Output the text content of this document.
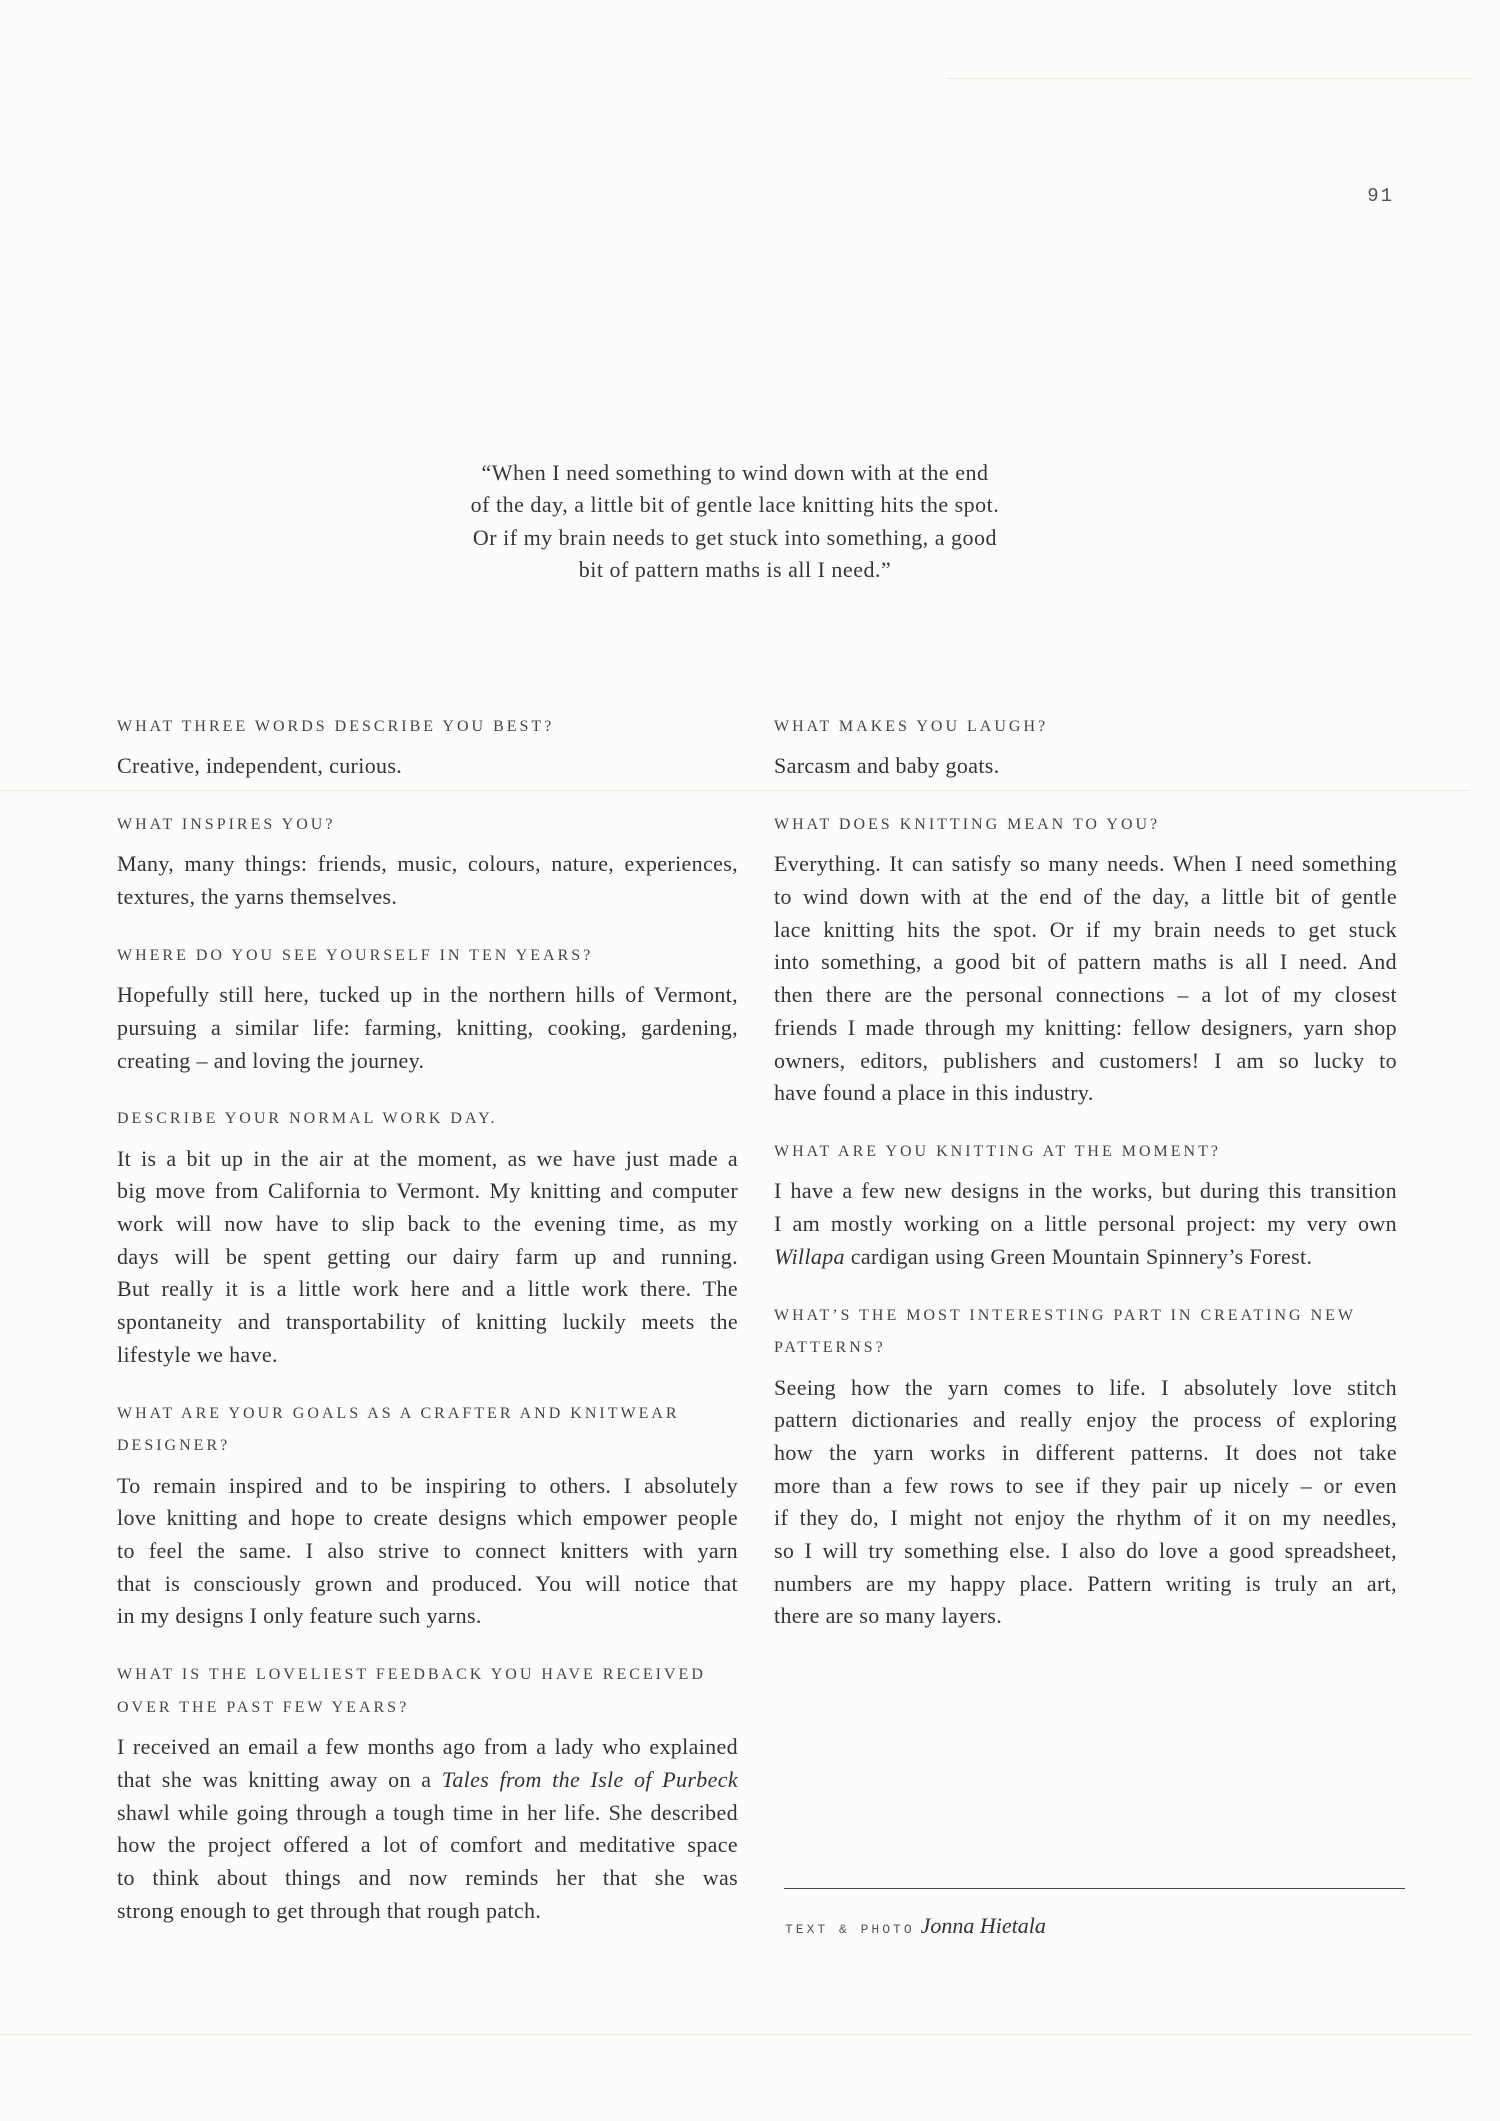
91
“When I need something to wind down with at the end
of the day, a little bit of gentle lace knitting hits the spot.
Or if my brain needs to get stuck into something, a good
bit of pattern maths is all I need.”
WHAT THREE WORDS DESCRIBE YOU BEST?
Creative, independent, curious.
WHAT INSPIRES YOU?
Many, many things: friends, music, colours, nature, experiences,
textures, the yarns themselves.
WHERE DO YOU SEE YOURSELF IN TEN YEARS?
Hopefully still here, tucked up in the northern hills of Vermont,
pursuing a similar life: farming, knitting, cooking, gardening,
creating – and loving the journey.
DESCRIBE YOUR NORMAL WORK DAY.
It is a bit up in the air at the moment, as we have just made a
big move from California to Vermont. My knitting and computer
work will now have to slip back to the evening time, as my
days will be spent getting our dairy farm up and running.
But really it is a little work here and a little work there. The
spontaneity and transportability of knitting luckily meets the
lifestyle we have.
WHAT ARE YOUR GOALS AS A CRAFTER AND KNITWEAR
DESIGNER?
To remain inspired and to be inspiring to others. I absolutely
love knitting and hope to create designs which empower people
to feel the same. I also strive to connect knitters with yarn
that is consciously grown and produced. You will notice that
in my designs I only feature such yarns.
WHAT IS THE LOVELIEST FEEDBACK YOU HAVE RECEIVED
OVER THE PAST FEW YEARS?
I received an email a few months ago from a lady who explained
that she was knitting away on a Tales from the Isle of Purbeck
shawl while going through a tough time in her life. She described
how the project offered a lot of comfort and meditative space
to think about things and now reminds her that she was
strong enough to get through that rough patch.
WHAT MAKES YOU LAUGH?
Sarcasm and baby goats.
WHAT DOES KNITTING MEAN TO YOU?
Everything. It can satisfy so many needs. When I need something
to wind down with at the end of the day, a little bit of gentle
lace knitting hits the spot. Or if my brain needs to get stuck
into something, a good bit of pattern maths is all I need. And
then there are the personal connections – a lot of my closest
friends I made through my knitting: fellow designers, yarn shop
owners, editors, publishers and customers! I am so lucky to
have found a place in this industry.
WHAT ARE YOU KNITTING AT THE MOMENT?
I have a few new designs in the works, but during this transition
I am mostly working on a little personal project: my very own
Willapa cardigan using Green Mountain Spinnery’s Forest.
WHAT’S THE MOST INTERESTING PART IN CREATING NEW
PATTERNS?
Seeing how the yarn comes to life. I absolutely love stitch
pattern dictionaries and really enjoy the process of exploring
how the yarn works in different patterns. It does not take
more than a few rows to see if they pair up nicely – or even
if they do, I might not enjoy the rhythm of it on my needles,
so I will try something else. I also do love a good spreadsheet,
numbers are my happy place. Pattern writing is truly an art,
there are so many layers.
TEXT & PHOTO Jonna Hietala
